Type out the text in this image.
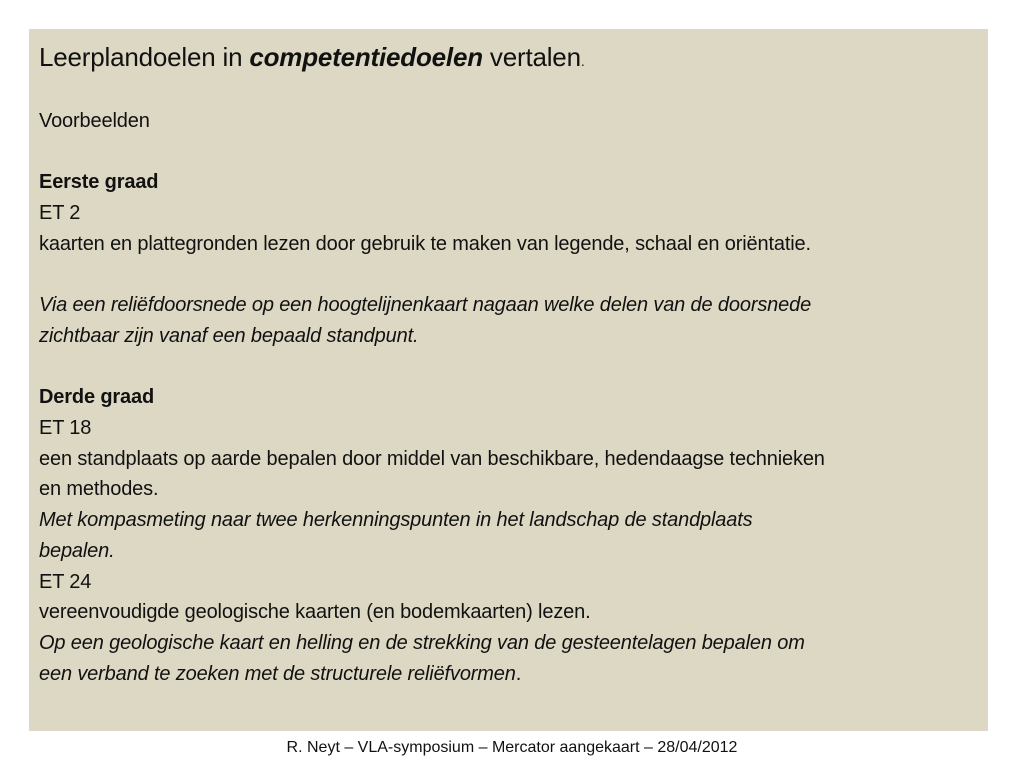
Leerplandoelen in competentiedoelen vertalen.
Voorbeelden
Eerste graad
ET 2
kaarten en plattegronden lezen door gebruik te maken van legende, schaal en oriëntatie.
Via een reliëfdoorsnede op een hoogtelijnenkaart nagaan welke delen van de doorsnede
zichtbaar zijn vanaf een bepaald standpunt.
Derde graad
ET 18
een standplaats op aarde bepalen door middel van beschikbare, hedendaagse technieken
en methodes.
Met kompasmeting naar twee herkenningspunten in het landschap de standplaats
bepalen.
ET 24
vereenvoudigde geologische kaarten (en bodemkaarten) lezen.
Op een geologische kaart en helling en de strekking van de gesteentelagen bepalen om
een verband te zoeken met de structurele reliëfvormen.
R. Neyt – VLA-symposium – Mercator aangekaart – 28/04/2012
